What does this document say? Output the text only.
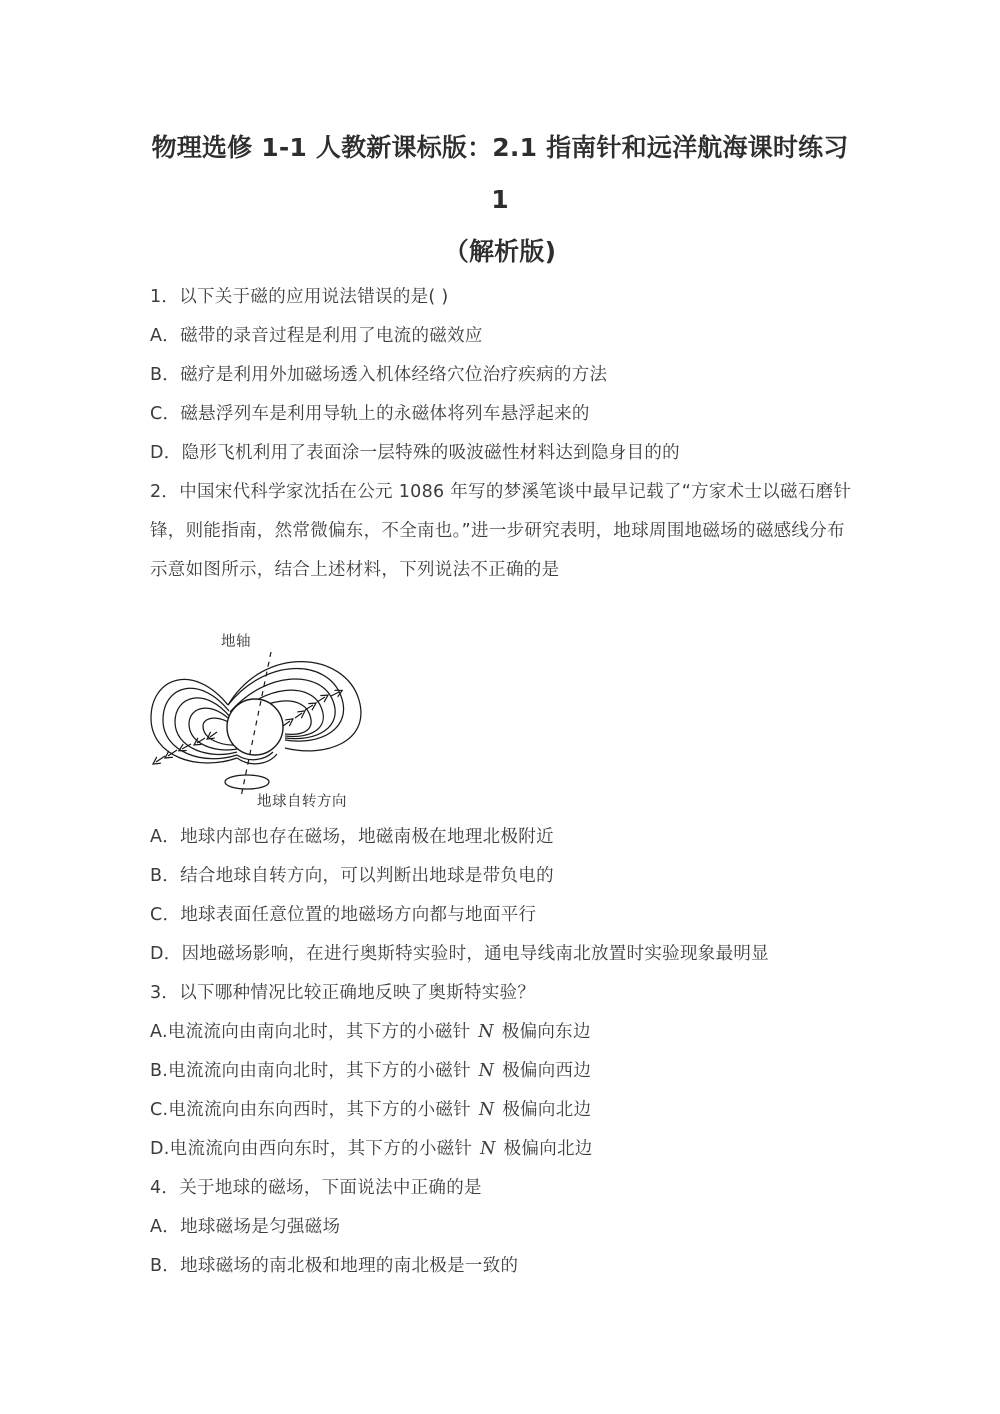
物理选修 1-1 人教新课标版：2.1 指南针和远洋航海课时练习 1
（解析版)
1．以下关于磁的应用说法错误的是( )
A．磁带的录音过程是利用了电流的磁效应
B．磁疗是利用外加磁场透入机体经络穴位治疗疾病的方法
C．磁悬浮列车是利用导轨上的永磁体将列车悬浮起来的
D．隐形飞机利用了表面涂一层特殊的吸波磁性材料达到隐身目的的
2．中国宋代科学家沈括在公元 1086 年写的梦溪笔谈中最早记载了“方家术士以磁石磨针
锋，则能指南，然常微偏东，不全南也。”进一步研究表明，地球周围地磁场的磁感线分布
示意如图所示，结合上述材料，下列说法不正确的是
A．地球内部也存在磁场，地磁南极在地理北极附近
B．结合地球自转方向，可以判断出地球是带负电的
C．地球表面任意位置的地磁场方向都与地面平行
D．因地磁场影响，在进行奥斯特实验时，通电导线南北放置时实验现象最明显
3．以下哪种情况比较正确地反映了奥斯特实验？
A.电流流向由南向北时，其下方的小磁针 N 极偏向东边
B.电流流向由南向北时，其下方的小磁针 N 极偏向西边
C.电流流向由东向西时，其下方的小磁针 N 极偏向北边
D.电流流向由西向东时，其下方的小磁针 N 极偏向北边
4．关于地球的磁场，下面说法中正确的是
A．地球磁场是匀强磁场
B．地球磁场的南北极和地理的南北极是一致的
地轴
地球自转方向
